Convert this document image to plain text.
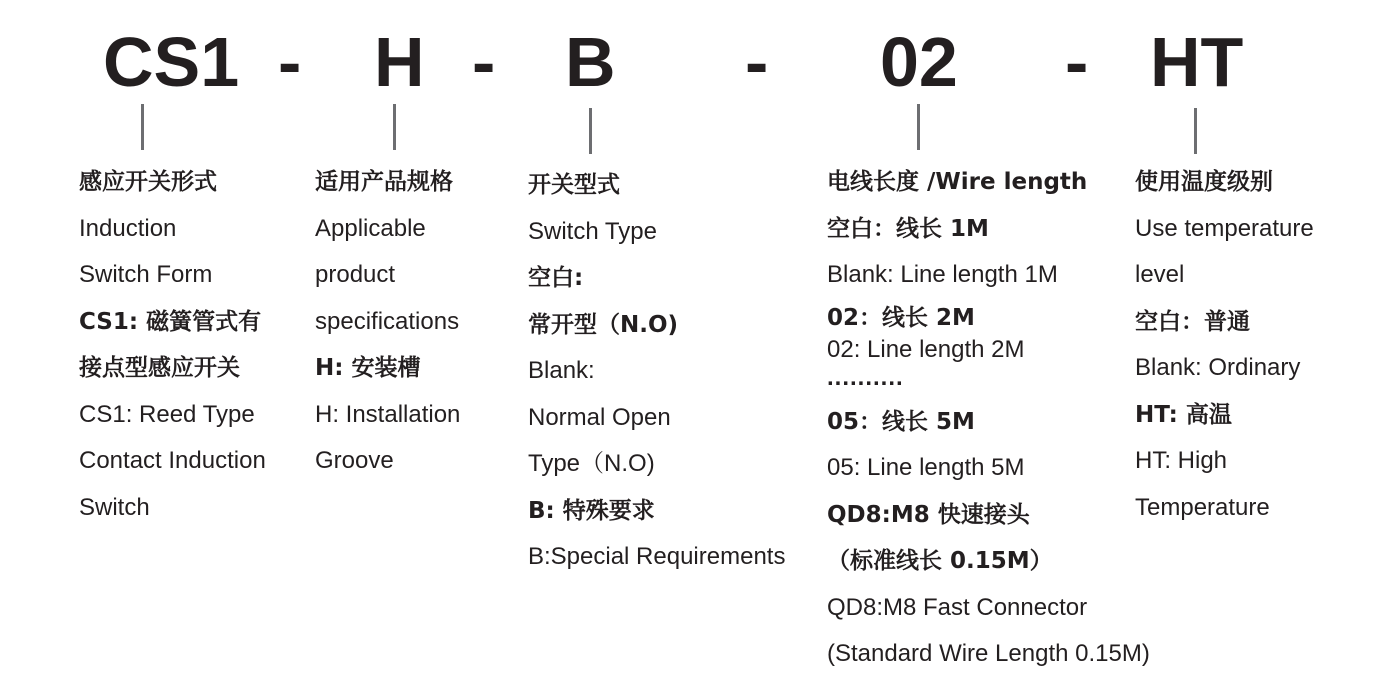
CS1 - H - B - 02 - HT
感应开关形式
Induction
Switch Form
CS1: 磁簧管式有
接点型感应开关
CS1: Reed Type
Contact Induction
Switch
适用产品规格
Applicable
product
specifications
H: 安装槽
H: Installation
Groove
开关型式
Switch Type
空白:
常开型（N.O)
Blank:
Normal Open
Type（N.O)
B: 特殊要求
B:Special Requirements
电线长度 /Wire length
空白：线长 1M
Blank: Line length 1M
02：线长 2M
02: Line length 2M
..........
05：线长 5M
05: Line length 5M
QD8:M8 快速接头
（标准线长 0.15M）
QD8:M8 Fast Connector
(Standard Wire Length 0.15M)
使用温度级别
Use temperature
level
空白：普通
Blank: Ordinary
HT: 高温
HT: High
Temperature
